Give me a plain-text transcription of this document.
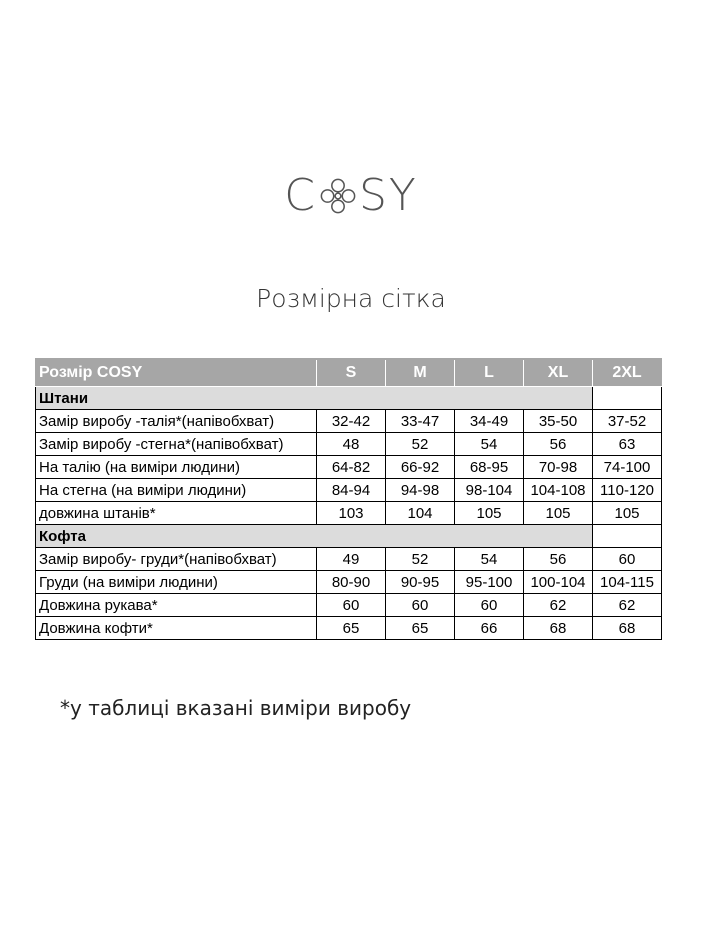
C SY
Розмірна сітка
Розмір COSY	S	M	L	XL	2XL
Штани					
Замір виробу -талія*(напівобхват)	32-42	33-47	34-49	35-50	37-52
Замір виробу -стегна*(напівобхват)	48	52	54	56	63
На талію (на виміри людини)	64-82	66-92	68-95	70-98	74-100
На стегна (на виміри людини)	84-94	94-98	98-104	104-108	110-120
довжина штанів*	103	104	105	105	105
Кофта					
Замір виробу- груди*(напівобхват)	49	52	54	56	60
Груди (на виміри людини)	80-90	90-95	95-100	100-104	104-115
Довжина рукава*	60	60	60	62	62
Довжина кофти*	65	65	66	68	68
*у таблиці вказані виміри виробу
